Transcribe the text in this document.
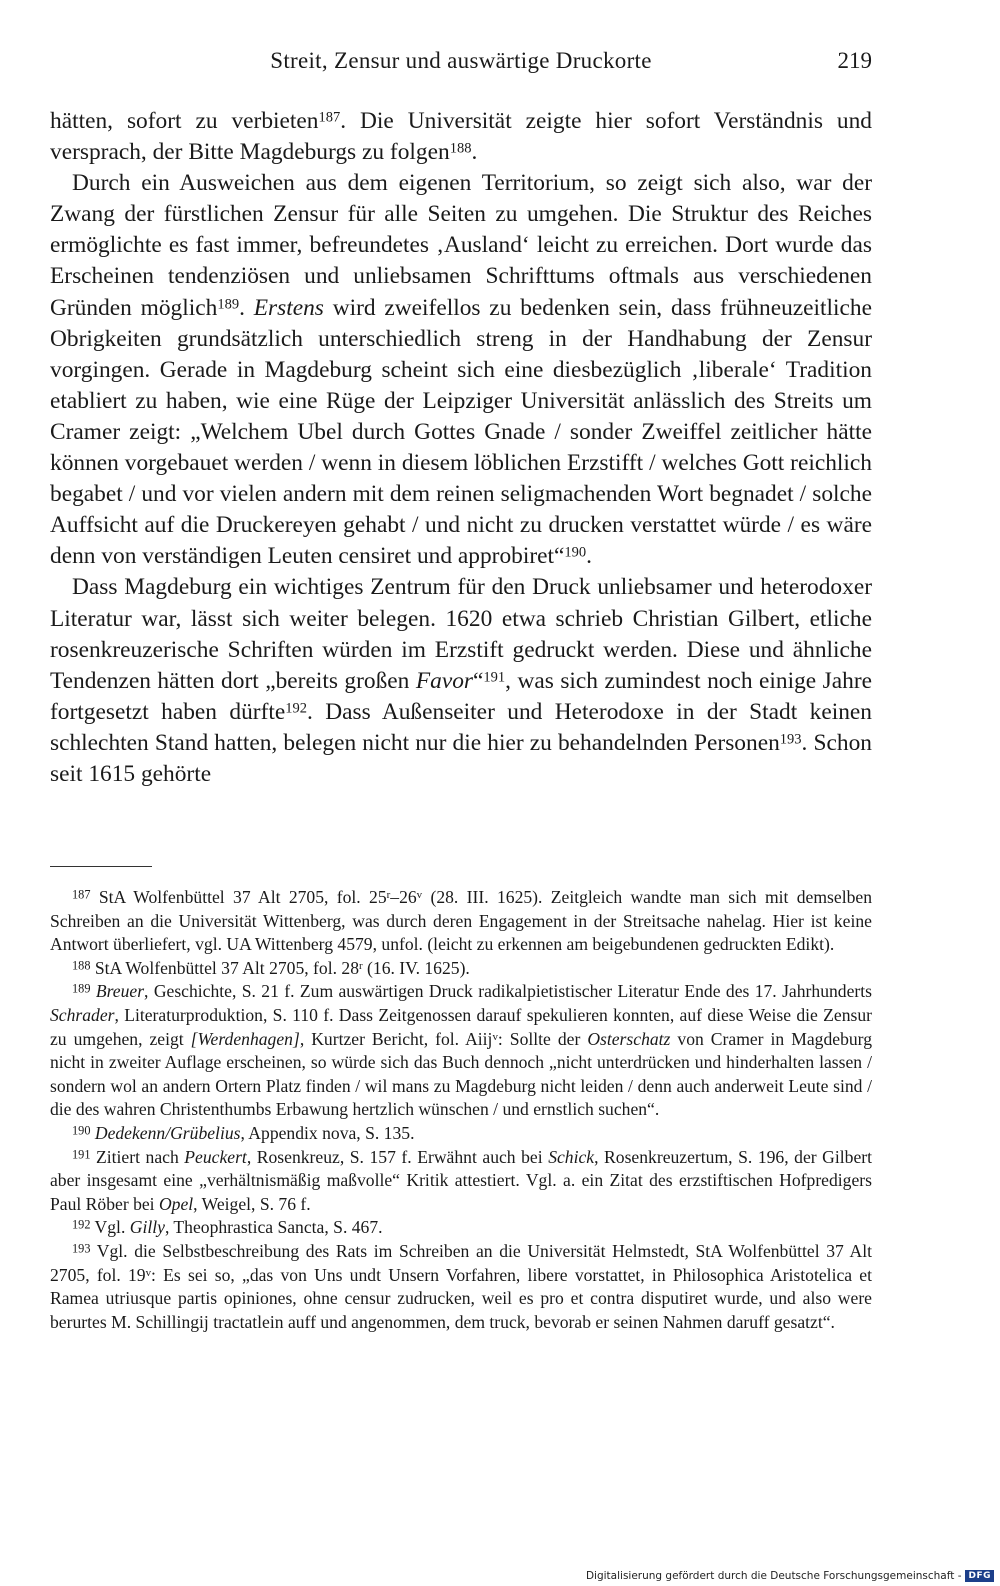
Streit, Zensur und auswärtige Druckorte	219

hätten, sofort zu verbieten$^{187}$. Die Universität zeigte hier sofort Verständnis und versprach, der Bitte Magdeburgs zu folgen$^{188}$.

Durch ein Ausweichen aus dem eigenen Territorium, so zeigt sich also, war der Zwang der fürstlichen Zensur für alle Seiten zu umgehen. Die Struktur des Reiches ermöglichte es fast immer, befreundetes ‚Ausland‘ leicht zu erreichen. Dort wurde das Erscheinen tendenziösen und unliebsamen Schrifttums oftmals aus verschiedenen Gründen möglich$^{189}$. Erstens wird zweifellos zu bedenken sein, dass frühneuzeitliche Obrigkeiten grundsätzlich unterschiedlich streng in der Handhabung der Zensur vorgingen. Gerade in Magdeburg scheint sich eine diesbezüglich ‚liberale‘ Tradition etabliert zu haben, wie eine Rüge der Leipziger Universität anlässlich des Streits um Cramer zeigt: „Welchem Ubel durch Gottes Gnade / sonder Zweiffel zeitlicher hätte können vorgebauet werden / wenn in diesem löblichen Erzstifft / welches Gott reichlich begabet / und vor vielen andern mit dem reinen seligmachenden Wort begnadet / solche Auffsicht auf die Druckereyen gehabt / und nicht zu drucken verstattet würde / es wäre denn von verständigen Leuten censiret und approbiret“$^{190}$.

Dass Magdeburg ein wichtiges Zentrum für den Druck unliebsamer und heterodoxer Literatur war, lässt sich weiter belegen. 1620 etwa schrieb Christian Gilbert, etliche rosenkreuzerische Schriften würden im Erzstift gedruckt werden. Diese und ähnliche Tendenzen hätten dort „bereits großen Favor“$^{191}$, was sich zumindest noch einige Jahre fortgesetzt haben dürfte$^{192}$. Dass Außenseiter und Heterodoxe in der Stadt keinen schlechten Stand hatten, belegen nicht nur die hier zu behandelnden Personen$^{193}$. Schon seit 1615 gehörte

$^{187}$ StA Wolfenbüttel 37 Alt 2705, fol. 25$^r$–26$^v$ (28. III. 1625). Zeitgleich wandte man sich mit demselben Schreiben an die Universität Wittenberg, was durch deren Engagement in der Streitsache nahelag. Hier ist keine Antwort überliefert, vgl. UA Wittenberg 4579, unfol. (leicht zu erkennen am beigebundenen gedruckten Edikt).

$^{188}$ StA Wolfenbüttel 37 Alt 2705, fol. 28$^r$ (16. IV. 1625).

$^{189}$ Breuer, Geschichte, S. 21 f. Zum auswärtigen Druck radikalpietistischer Literatur Ende des 17. Jahrhunderts Schrader, Literaturproduktion, S. 110 f. Dass Zeitgenossen darauf spekulieren konnten, auf diese Weise die Zensur zu umgehen, zeigt [Werdenhagen], Kurtzer Bericht, fol. Aiij$^v$: Sollte der Osterschatz von Cramer in Magdeburg nicht in zweiter Auflage erscheinen, so würde sich das Buch dennoch „nicht unterdrücken und hinderhalten lassen / sondern wol an andern Ortern Platz finden / wil mans zu Magdeburg nicht leiden / denn auch anderweit Leute sind / die des wahren Christenthumbs Erbawung hertzlich wünschen / und ernstlich suchen“.

$^{190}$ Dedekenn/Grübelius, Appendix nova, S. 135.

$^{191}$ Zitiert nach Peuckert, Rosenkreuz, S. 157 f. Erwähnt auch bei Schick, Rosenkreuzertum, S. 196, der Gilbert aber insgesamt eine „verhältnismäßig maßvolle“ Kritik attestiert. Vgl. a. ein Zitat des erzstiftischen Hofpredigers Paul Röber bei Opel, Weigel, S. 76 f.

$^{192}$ Vgl. Gilly, Theophrastica Sancta, S. 467.

$^{193}$ Vgl. die Selbstbeschreibung des Rats im Schreiben an die Universität Helmstedt, StA Wolfenbüttel 37 Alt 2705, fol. 19$^v$: Es sei so, „das von Uns undt Unsern Vorfahren, libere vorstattet, in Philosophica Aristotelica et Ramea utriusque partis opiniones, ohne censur zudrucken, weil es pro et contra disputiret wurde, und also were berurtes M. Schillingij tractatlein auff und angenommen, dem truck, bevorab er seinen Nahmen daruff gesatzt“.

Digitalisierung gefördert durch die Deutsche Forschungsgemeinschaft - DFG
